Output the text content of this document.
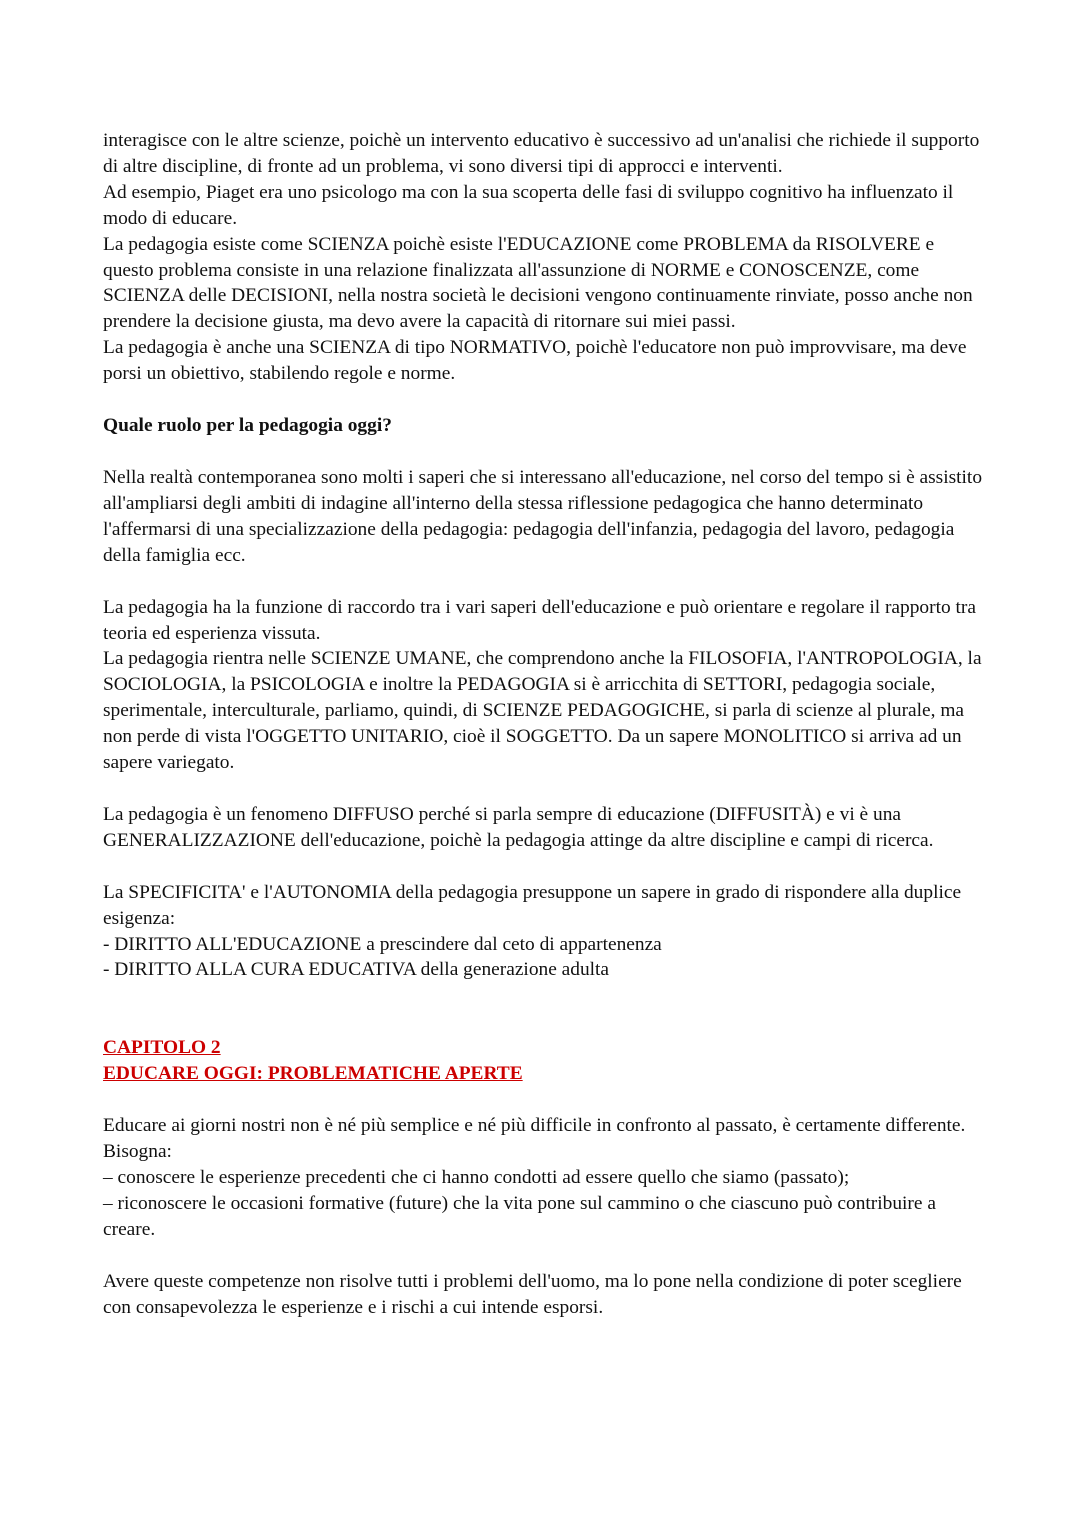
interagisce con le altre scienze, poichè un intervento educativo è successivo ad un'analisi che richiede il supporto di altre discipline, di fronte ad un problema, vi sono diversi tipi di approcci e interventi.

Ad esempio, Piaget era uno psicologo ma con la sua scoperta delle fasi di sviluppo cognitivo ha influenzato il modo di educare.

La pedagogia esiste come SCIENZA poichè esiste l'EDUCAZIONE come PROBLEMA da RISOLVERE e questo problema consiste in una relazione finalizzata all'assunzione di NORME e CONOSCENZE, come SCIENZA delle DECISIONI, nella nostra società le decisioni vengono continuamente rinviate, posso anche non prendere la decisione giusta, ma devo avere la capacità di ritornare sui miei passi.

La pedagogia è anche una SCIENZA di tipo NORMATIVO, poichè l'educatore non può improvvisare, ma deve porsi un obiettivo, stabilendo regole e norme.

Quale ruolo per la pedagogia oggi?

Nella realtà contemporanea sono molti i saperi che si interessano all'educazione, nel corso del tempo si è assistito all'ampliarsi degli ambiti di indagine all'interno della stessa riflessione pedagogica che hanno determinato l'affermarsi di una specializzazione della pedagogia: pedagogia dell'infanzia, pedagogia del lavoro, pedagogia della famiglia ecc.

La pedagogia ha la funzione di raccordo tra i vari saperi dell'educazione e può orientare e regolare il rapporto tra teoria ed esperienza vissuta.

La pedagogia rientra nelle SCIENZE UMANE, che comprendono anche la FILOSOFIA, l'ANTROPOLOGIA, la SOCIOLOGIA, la PSICOLOGIA e inoltre la PEDAGOGIA si è arricchita di SETTORI, pedagogia sociale, sperimentale, interculturale, parliamo, quindi, di SCIENZE PEDAGOGICHE, si parla di scienze al plurale, ma non perde di vista l'OGGETTO UNITARIO, cioè il SOGGETTO. Da un sapere MONOLITICO si arriva ad un sapere variegato.

La pedagogia è un fenomeno DIFFUSO perché si parla sempre di educazione (DIFFUSITÀ) e vi è una GENERALIZZAZIONE dell'educazione, poichè la pedagogia attinge da altre discipline e campi di ricerca.

La SPECIFICITA' e l'AUTONOMIA della pedagogia presuppone un sapere in grado di rispondere alla duplice esigenza:

- DIRITTO ALL'EDUCAZIONE a prescindere dal ceto di appartenenza

- DIRITTO ALLA CURA EDUCATIVA della generazione adulta

CAPITOLO 2

EDUCARE OGGI: PROBLEMATICHE APERTE

Educare ai giorni nostri non è né più semplice e né più difficile in confronto al passato, è certamente differente. Bisogna:

– conoscere le esperienze precedenti che ci hanno condotti ad essere quello che siamo (passato);

– riconoscere le occasioni formative (future) che la vita pone sul cammino o che ciascuno può contribuire a creare.

Avere queste competenze non risolve tutti i problemi dell'uomo, ma lo pone nella condizione di poter scegliere con consapevolezza le esperienze e i rischi a cui intende esporsi.
